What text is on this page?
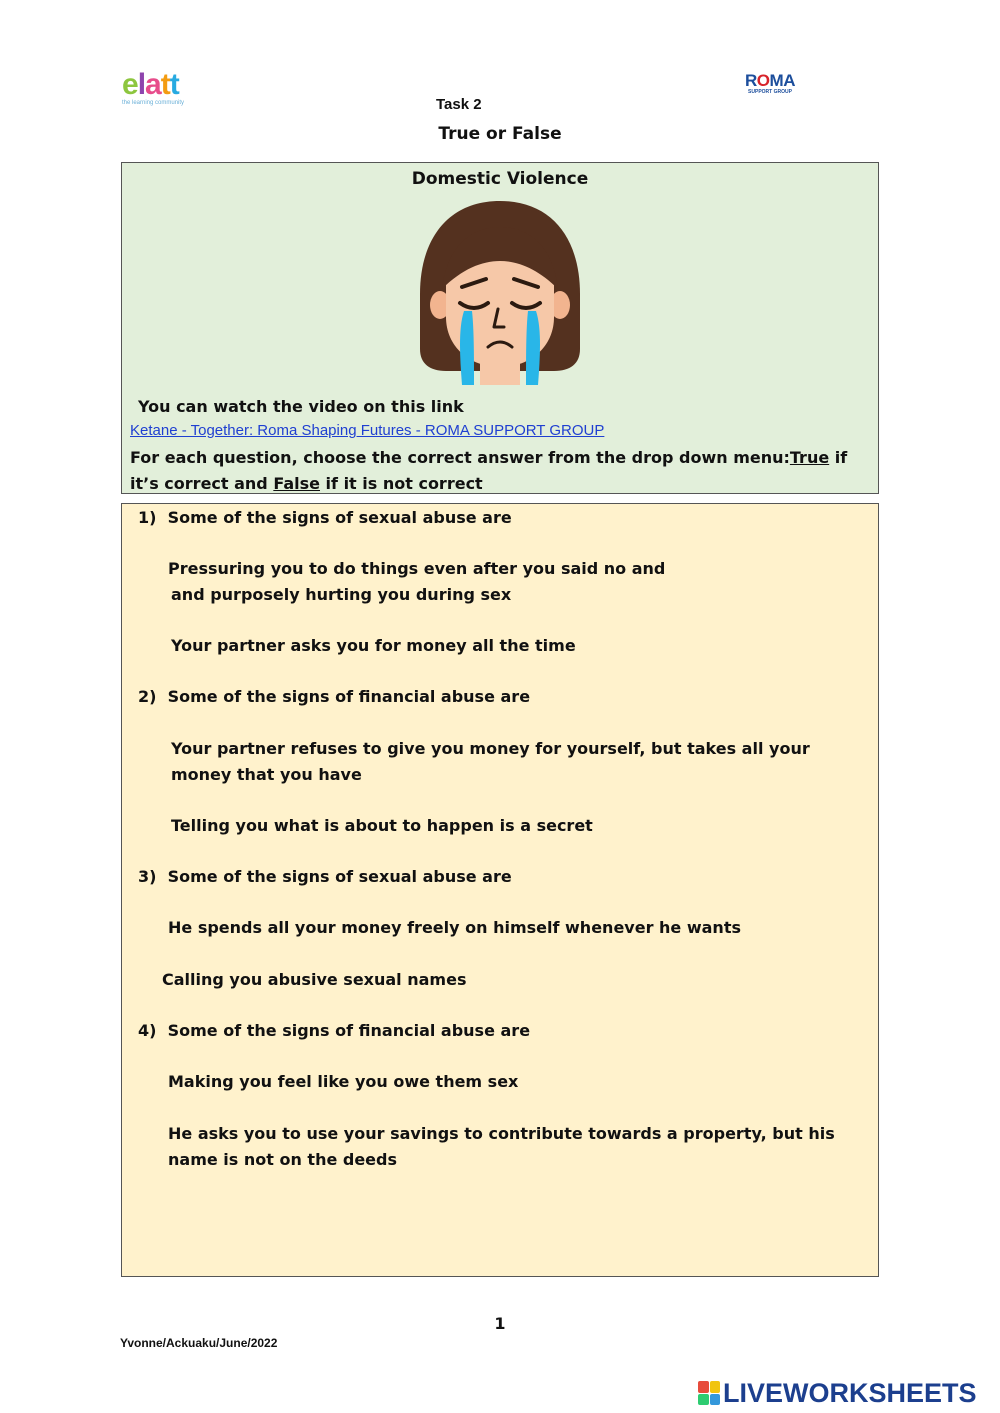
elatt
the learning community
ROMA
SUPPORT GROUP
Task 2
True or False
Domestic Violence
You can watch the video on this link
Ketane - Together: Roma Shaping Futures - ROMA SUPPORT GROUP
For each question, choose the correct answer from the drop down menu:True if it’s correct and False if it is not correct
1) Some of the signs of sexual abuse are
Pressuring you to do things even after you said no and
and purposely hurting you during sex
Your partner asks you for money all the time
2) Some of the signs of financial abuse are
Your partner refuses to give you money for yourself, but takes all your
money that you have
Telling you what is about to happen is a secret
3) Some of the signs of sexual abuse are
He spends all your money freely on himself whenever he wants
Calling you abusive sexual names
4) Some of the signs of financial abuse are
Making you feel like you owe them sex
He asks you to use your savings to contribute towards a property, but his
name is not on the deeds
1
Yvonne/Ackuaku/June/2022
LIVEWORKSHEETS
